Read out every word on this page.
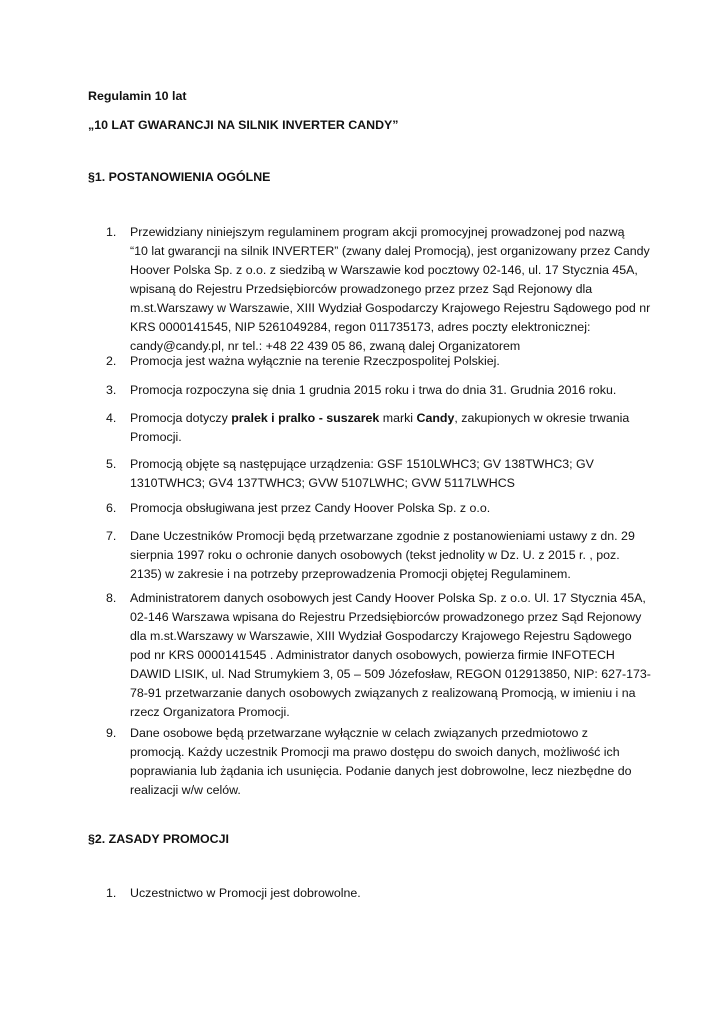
Regulamin 10 lat

„10 LAT GWARANCJI NA SILNIK INVERTER CANDY”

§1. POSTANOWIENIA OGÓLNE

1. Przewidziany niniejszym regulaminem program akcji promocyjnej prowadzonej pod nazwą
“10 lat gwarancji na silnik INVERTER” (zwany dalej Promocją), jest organizowany przez Candy
Hoover Polska Sp. z o.o. z siedzibą w Warszawie kod pocztowy 02-146, ul. 17 Stycznia 45A,
wpisaną do Rejestru Przedsiębiorców prowadzonego przez przez Sąd Rejonowy dla
m.st.Warszawy w Warszawie, XIII Wydział Gospodarczy Krajowego Rejestru Sądowego pod nr
KRS 0000141545, NIP 5261049284, regon 011735173, adres poczty elektronicznej:
candy@candy.pl, nr tel.: +48 22 439 05 86, zwaną dalej Organizatorem
2. Promocja jest ważna wyłącznie na terenie Rzeczpospolitej Polskiej.
3. Promocja rozpoczyna się dnia 1 grudnia 2015 roku i trwa do dnia 31. Grudnia 2016 roku.
4. Promocja dotyczy pralek i pralko - suszarek marki Candy, zakupionych w okresie trwania
Promocji.
5. Promocją objęte są następujące urządzenia: GSF 1510LWHC3; GV 138TWHC3; GV
1310TWHC3; GV4 137TWHC3; GVW 5107LWHC; GVW 5117LWHCS
6. Promocja obsługiwana jest przez Candy Hoover Polska Sp. z o.o.
7. Dane Uczestników Promocji będą przetwarzane zgodnie z postanowieniami ustawy z dn. 29
sierpnia 1997 roku o ochronie danych osobowych (tekst jednolity w Dz. U. z 2015 r. , poz.
2135) w zakresie i na potrzeby przeprowadzenia Promocji objętej Regulaminem.
8. Administratorem danych osobowych jest Candy Hoover Polska Sp. z o.o. Ul. 17 Stycznia 45A,
02-146 Warszawa wpisana do Rejestru Przedsiębiorców prowadzonego przez Sąd Rejonowy
dla m.st.Warszawy w Warszawie, XIII Wydział Gospodarczy Krajowego Rejestru Sądowego
pod nr KRS 0000141545 . Administrator danych osobowych, powierza firmie INFOTECH
DAWID LISIK, ul. Nad Strumykiem 3, 05 – 509 Józefosław, REGON 012913850, NIP: 627-173-
78-91 przetwarzanie danych osobowych związanych z realizowaną Promocją, w imieniu i na
rzecz Organizatora Promocji.
9. Dane osobowe będą przetwarzane wyłącznie w celach związanych przedmiotowo z
promocją. Każdy uczestnik Promocji ma prawo dostępu do swoich danych, możliwość ich
poprawiania lub żądania ich usunięcia. Podanie danych jest dobrowolne, lecz niezbędne do
realizacji w/w celów.

§2. ZASADY PROMOCJI

1. Uczestnictwo w Promocji jest dobrowolne.
